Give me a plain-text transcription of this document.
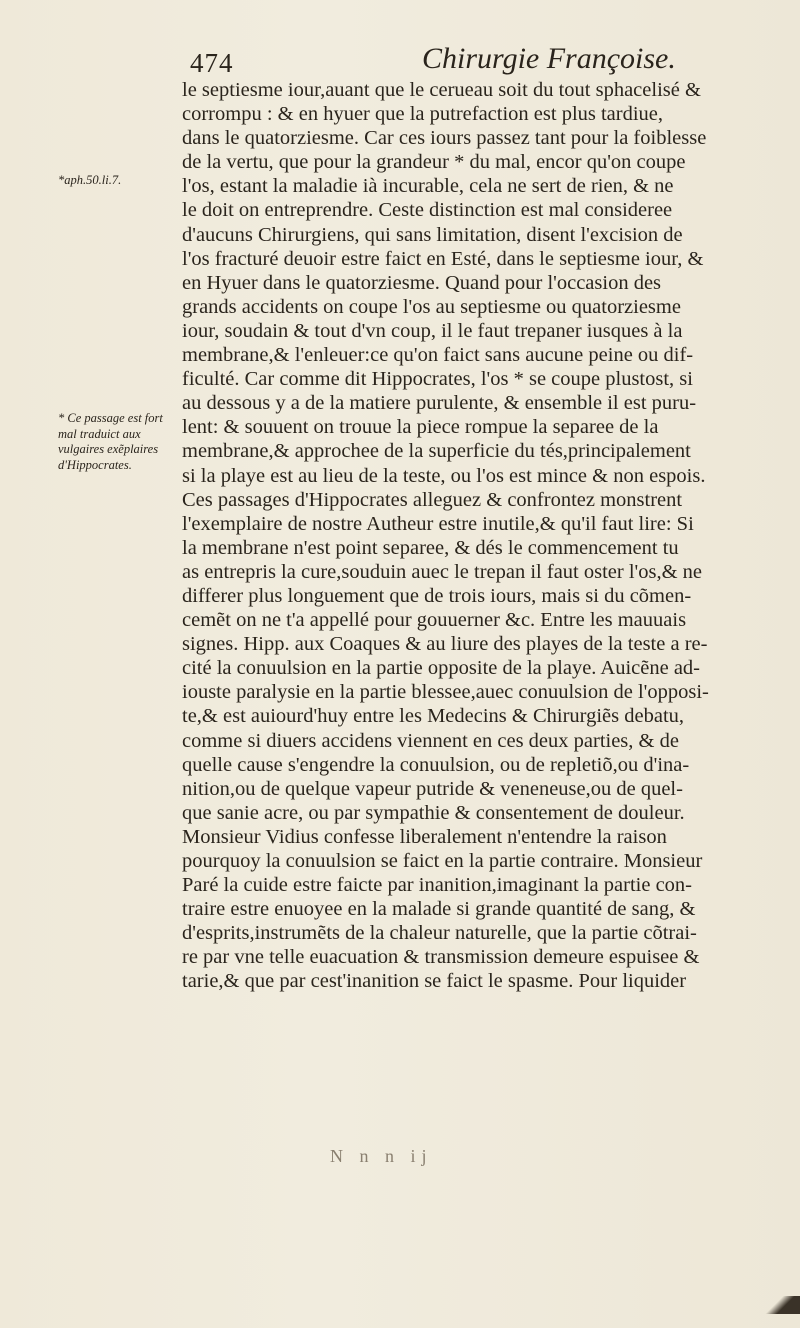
474	Chirurgie Françoise.
*aph.50.li.7.
* Ce passage est fort mal traduict aux vulgaires exẽplaires d'Hippocrates.
le septiesme iour,auant que le cerueau soit du tout sphacelisé &
corrompu : & en hyuer que la putrefaction est plus tardiue,
dans le quatorziesme. Car ces iours passez tant pour la foiblesse
de la vertu, que pour la grandeur * du mal, encor qu'on coupe
l'os, estant la maladie ià incurable, cela ne sert de rien, & ne
le doit on entreprendre. Ceste distinction est mal consideree
d'aucuns Chirurgiens, qui sans limitation, disent l'excision de
l'os fracturé deuoir estre faict en Esté, dans le septiesme iour, &
en Hyuer dans le quatorziesme. Quand pour l'occasion des
grands accidents on coupe l'os au septiesme ou quatorziesme
iour, soudain & tout d'vn coup, il le faut trepaner iusques à la
membrane,& l'enleuer:ce qu'on faict sans aucune peine ou dif-
ficulté. Car comme dit Hippocrates, l'os * se coupe plustost, si
au dessous y a de la matiere purulente, & ensemble il est puru-
lent: & souuent on trouue la piece rompue la separee de la
membrane,& approchee de la superficie du tés,principalement
si la playe est au lieu de la teste, ou l'os est mince & non espois.
Ces passages d'Hippocrates alleguez & confrontez monstrent
l'exemplaire de nostre Autheur estre inutile,& qu'il faut lire: Si
la membrane n'est point separee, & dés le commencement tu
as entrepris la cure,souduin auec le trepan il faut oster l'os,& ne
differer plus longuement que de trois iours, mais si du cõmen-
cemẽt on ne t'a appellé pour gouuerner &c. Entre les mauuais
signes. Hipp. aux Coaques & au liure des playes de la teste a re-
cité la conuulsion en la partie opposite de la playe. Auicẽne ad-
iouste paralysie en la partie blessee,auec conuulsion de l'opposi-
te,& est auiourd'huy entre les Medecins & Chirurgiẽs debatu,
comme si diuers accidens viennent en ces deux parties, & de
quelle cause s'engendre la conuulsion, ou de repletiõ,ou d'ina-
nition,ou de quelque vapeur putride & veneneuse,ou de quel-
que sanie acre, ou par sympathie & consentement de douleur.
Monsieur Vidius confesse liberalement n'entendre la raison
pourquoy la conuulsion se faict en la partie contraire. Monsieur
Paré la cuide estre faicte par inanition,imaginant la partie con-
traire estre enuoyee en la malade si grande quantité de sang, &
d'esprits,instrumẽts de la chaleur naturelle, que la partie cõtrai-
re par vne telle euacuation & transmission demeure espuisee &
tarie,& que par cest'inanition se faict le spasme. Pour liquider
N n n ij
